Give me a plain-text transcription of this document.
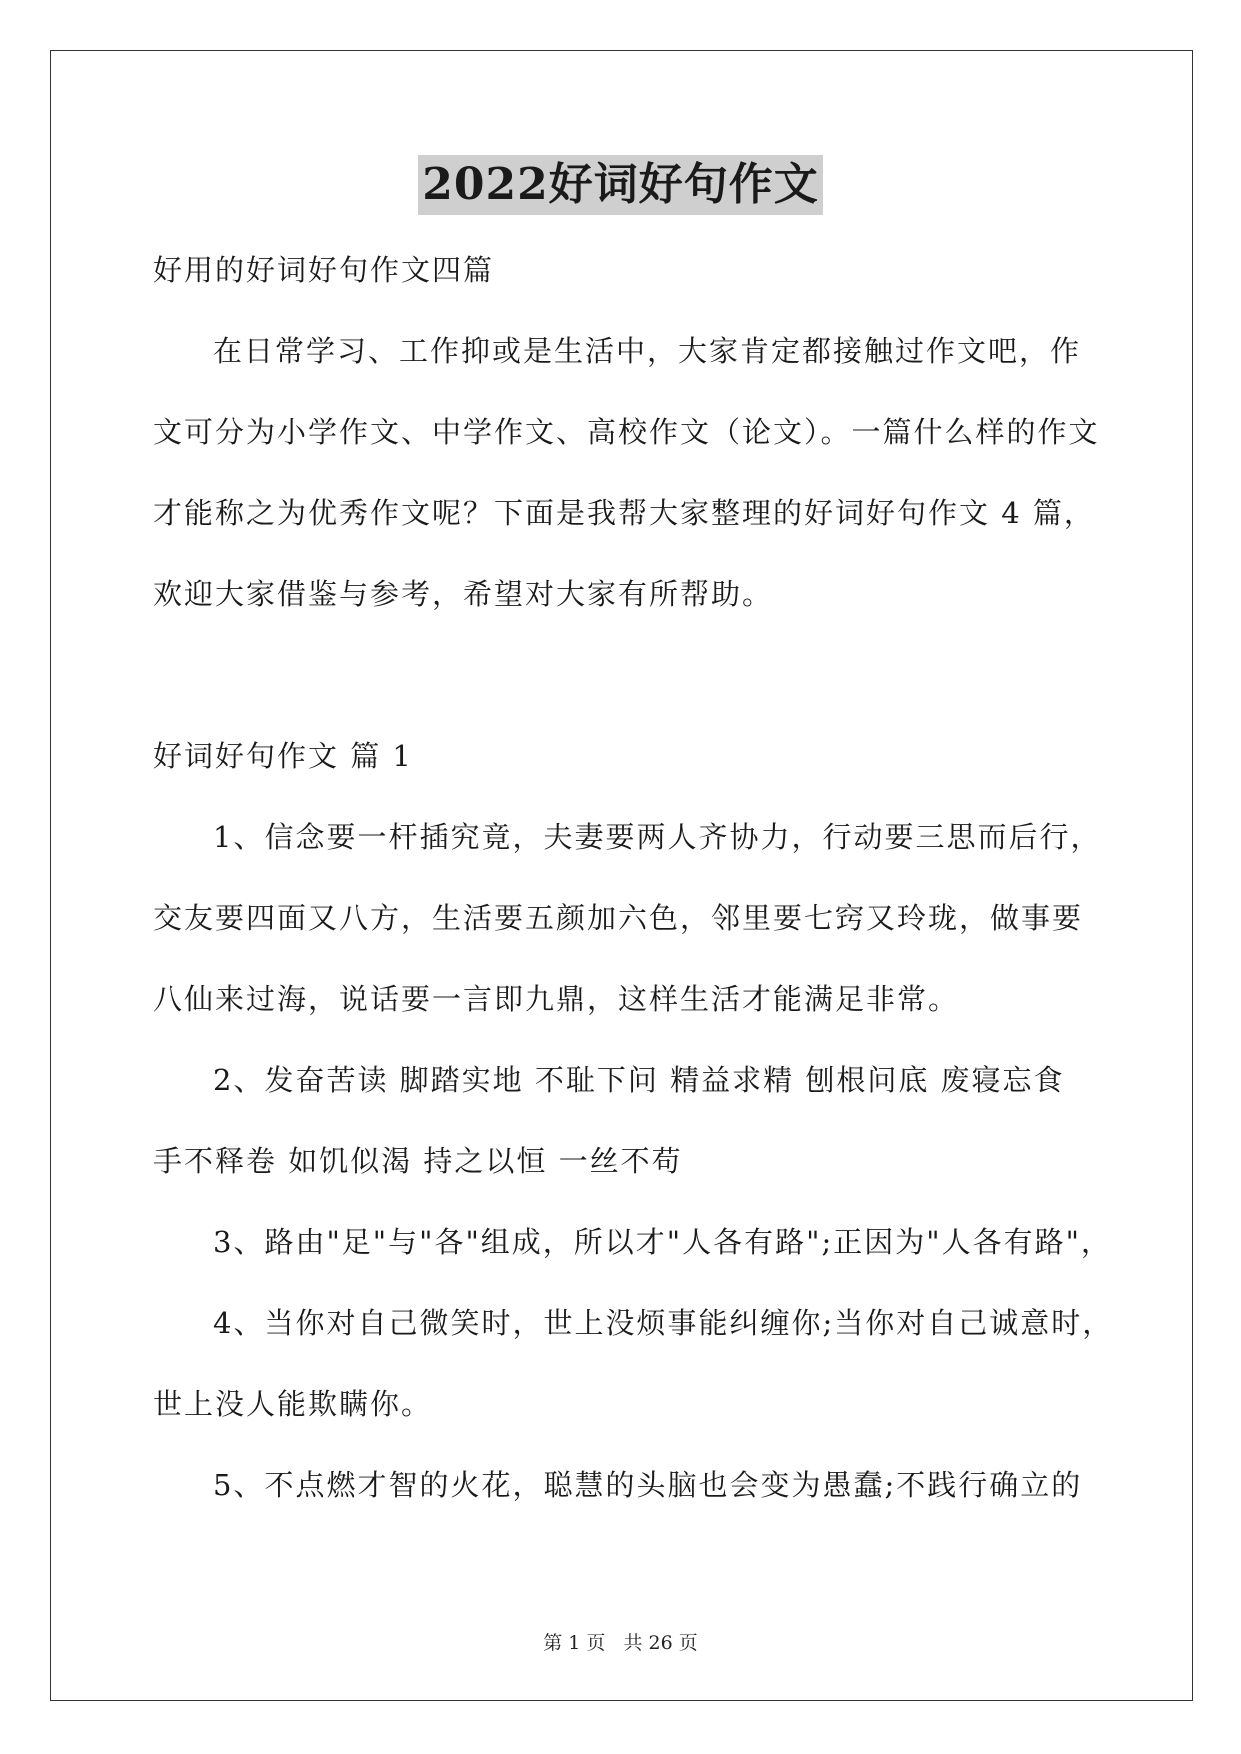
2022好词好句作文

好用的好词好句作文四篇

在日常学习、工作抑或是生活中，大家肯定都接触过作文吧，作

文可分为小学作文、中学作文、高校作文（论文）。一篇什么样的作文

才能称之为优秀作文呢？下面是我帮大家整理的好词好句作文 4 篇，

欢迎大家借鉴与参考，希望对大家有所帮助。

好词好句作文 篇 1

1、信念要一杆插究竟，夫妻要两人齐协力，行动要三思而后行，

交友要四面又八方，生活要五颜加六色，邻里要七窍又玲珑，做事要

八仙来过海，说话要一言即九鼎，这样生活才能满足非常。

2、发奋苦读 脚踏实地 不耻下问 精益求精 刨根问底 废寝忘食

手不释卷 如饥似渴 持之以恒 一丝不苟

3、路由"足"与"各"组成，所以才"人各有路";正因为"人各有路"，

4、当你对自己微笑时，世上没烦事能纠缠你;当你对自己诚意时，

世上没人能欺瞒你。

5、不点燃才智的火花，聪慧的头脑也会变为愚蠢;不践行确立的

第 1 页 共 26 页
